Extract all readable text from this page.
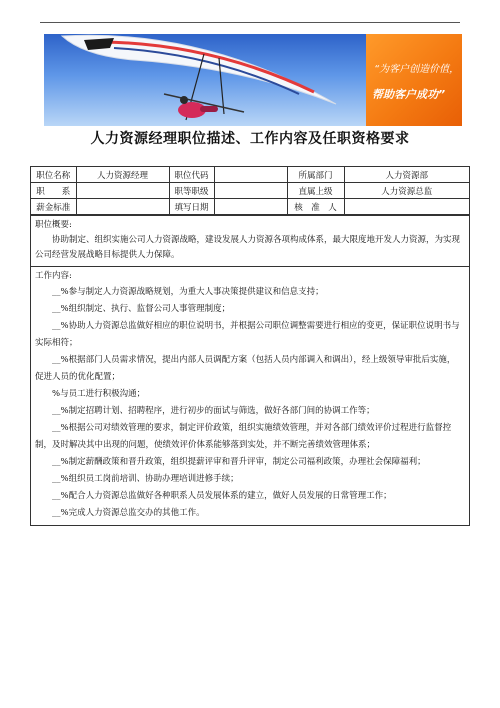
“为客户创造价值，
帮助客户成功”
人力资源经理职位描述、工作内容及任职资格要求
职位名称	人力资源经理	职位代码		所属部门	人力资源部
职　　系		职等职级		直属上级	人力资源总监
薪金标准		填写日期		核　准　人	
职位概要:

协助制定、组织实施公司人力资源战略，建设发展人力资源各项构成体系，最大限度地开发人力资源，为实现公司经营发展战略目标提供人力保障。

工作内容:

__%参与制定人力资源战略规划，为重大人事决策提供建议和信息支持；

__%组织制定、执行、监督公司人事管理制度；

__%协助人力资源总监做好相应的职位说明书，并根据公司职位调整需要进行相应的变更，保证职位说明书与实际相符；

__%根据部门人员需求情况，提出内部人员调配方案（包括人员内部调入和调出），经上级领导审批后实施，促进人员的优化配置；

%与员工进行积极沟通；

__%制定招聘计划、招聘程序，进行初步的面试与筛选，做好各部门间的协调工作等；

__%根据公司对绩效管理的要求，制定评价政策，组织实施绩效管理，并对各部门绩效评价过程进行监督控制，及时解决其中出现的问题，使绩效评价体系能够落到实处，并不断完善绩效管理体系；

__%制定薪酬政策和晋升政策，组织提薪评审和晋升评审，制定公司福利政策，办理社会保障福利；

__%组织员工岗前培训、协助办理培训进修手续；

__%配合人力资源总监做好各种职系人员发展体系的建立，做好人员发展的日常管理工作；

__%完成人力资源总监交办的其他工作。
